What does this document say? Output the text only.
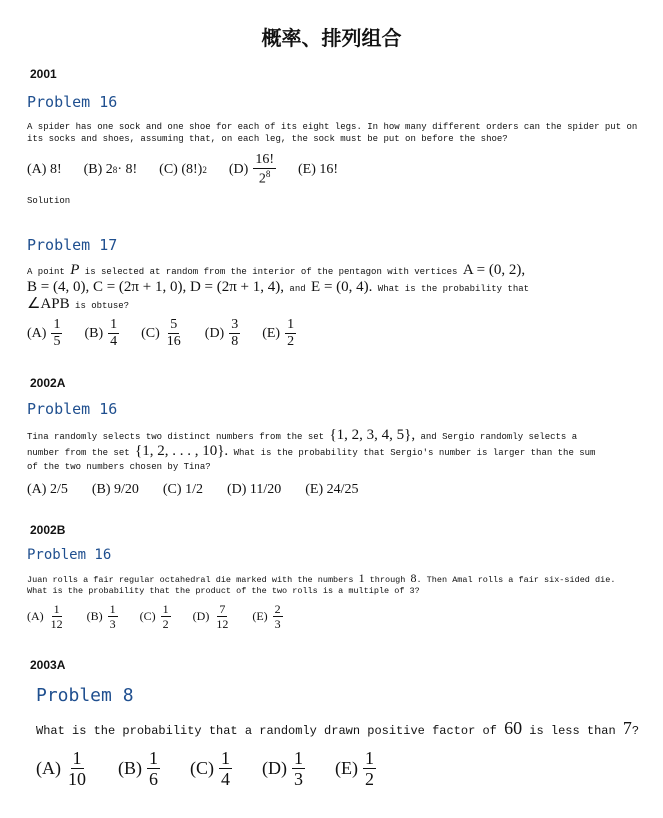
概率、排列组合
2001
Problem 16
A spider has one sock and one shoe for each of its eight legs. In how many different orders can the spider put on its socks and shoes, assuming that, on each leg, the sock must be put on before the shoe?
(A)
8! (B)
2 8 · 8! (C)
(8!) 2 $(D) \frac{16!}{2^8} (E)$
16!
Solution
Problem 17
A point P is selected at random from the interior of the pentagon with vertices A = (0, 2),
B = (4, 0), C = (2π + 1, 0), D = (2π + 1, 4), and E = (0, 4). What is the probability that
∠APB is obtuse?
$(A) \frac{1}{5} (B) \frac{1}{4} (C) \frac{5}{16} (D) \frac{3}{8} (E) \frac{1}{2}$
2002A
Problem 16
Tina randomly selects two distinct numbers from the set {1, 2, 3, 4, 5}, and Sergio randomly selects a
number from the set {1, 2, . . . , 10}. What is the probability that Sergio's number is larger than the sum
of the two numbers chosen by Tina?
(A)
2/5 (B)
9/20 (C)
1/2 (D)
11/20 (E)
24/25
2002B
Problem 16
Juan rolls a fair regular octahedral die marked with the numbers 1 through 8. Then Amal rolls a fair six-sided die.
What is the probability that the product of the two rolls is a multiple of 3?
$(A) \frac{1}{12} (B) \frac{1}{3} (C) \frac{1}{2} (D) \frac{7}{12} (E) \frac{2}{3}$
2003A
Problem 8
What is the probability that a randomly drawn positive factor of 60 is less than 7?
$(A) \frac{1}{10} (B) \frac{1}{6} (C) \frac{1}{4} (D) \frac{1}{3} (E) \frac{1}{2}$
